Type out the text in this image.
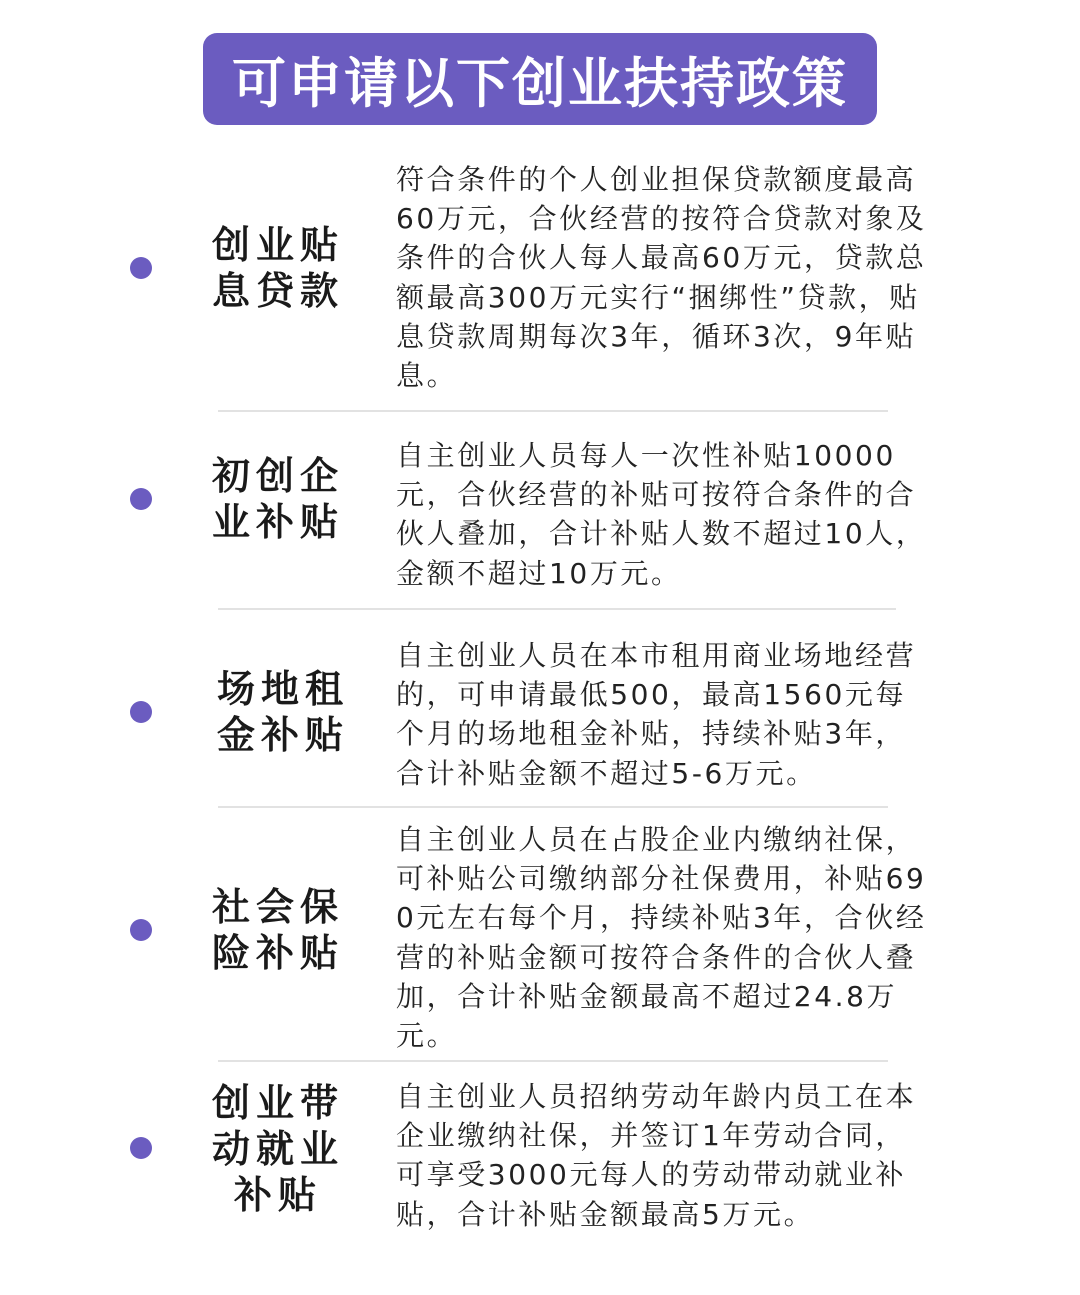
可申请以下创业扶持政策
创业贴息贷款
符合条件的个人创业担保贷款额度最高60万元，合伙经营的按符合贷款对象及条件的合伙人每人最高60万元，贷款总额最高300万元实行“捆绑性”贷款，贴息贷款周期每次3年，循环3次，9年贴息。
初创企业补贴
自主创业人员每人一次性补贴10000元，合伙经营的补贴可按符合条件的合伙人叠加，合计补贴人数不超过10人，金额不超过10万元。
场地租金补贴
自主创业人员在本市租用商业场地经营的，可申请最低500，最高1560元每个月的场地租金补贴，持续补贴3年，合计补贴金额不超过5-6万元。
社会保险补贴
自主创业人员在占股企业内缴纳社保，可补贴公司缴纳部分社保费用，补贴690元左右每个月，持续补贴3年，合伙经营的补贴金额可按符合条件的合伙人叠加，合计补贴金额最高不超过24.8万元。
创业带动就业补贴
自主创业人员招纳劳动年龄内员工在本企业缴纳社保，并签订1年劳动合同，可享受3000元每人的劳动带动就业补贴，合计补贴金额最高5万元。
